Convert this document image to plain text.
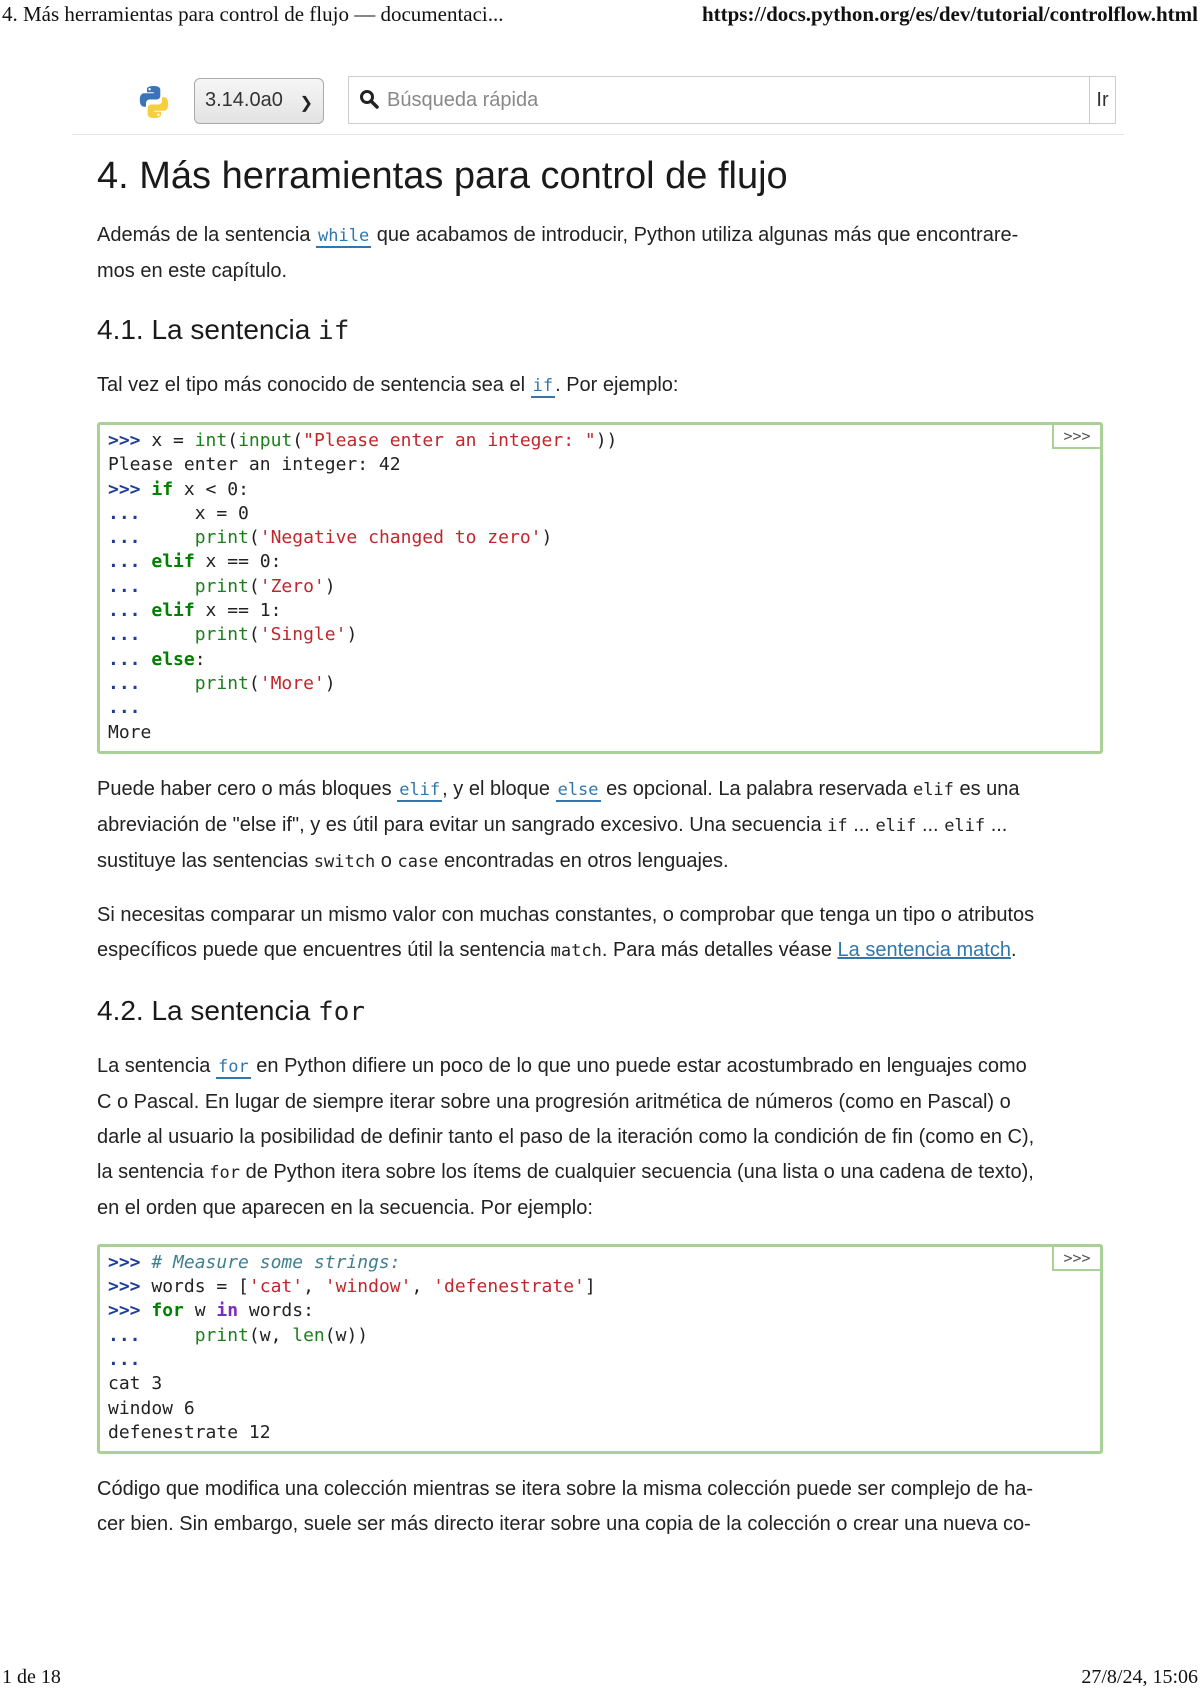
4. Más herramientas para control de flujo — documentaci...	https://docs.python.org/es/dev/tutorial/controlflow.html
3.14.0a0 ❯	Búsqueda rápida	Ir
4. Más herramientas para control de flujo

Además de la sentencia while que acabamos de introducir, Python utiliza algunas más que encontrare-
mos en este capítulo.

4.1. La sentencia if

Tal vez el tipo más conocido de sentencia sea el if . Por ejemplo:

>>>
>>> x = int(input("Please enter an integer: "))
Please enter an integer: 42
>>> if x < 0:
...	x = 0
...	print('Negative changed to zero')
... elif x == 0:
...	print('Zero')
... elif x == 1:
...	print('Single')
... else:
...	print('More')
...
More

Puede haber cero o más bloques elif , y el bloque else es opcional. La palabra reservada elif es una
abreviación de "else if", y es útil para evitar un sangrado excesivo. Una secuencia if ... elif ... elif ...
sustituye las sentencias switch o case encontradas en otros lenguajes.

Si necesitas comparar un mismo valor con muchas constantes, o comprobar que tenga un tipo o atributos
específicos puede que encuentres útil la sentencia match. Para más detalles véase La sentencia match.

4.2. La sentencia for

La sentencia for en Python difiere un poco de lo que uno puede estar acostumbrado en lenguajes como
C o Pascal. En lugar de siempre iterar sobre una progresión aritmética de números (como en Pascal) o
darle al usuario la posibilidad de definir tanto el paso de la iteración como la condición de fin (como en C),
la sentencia for de Python itera sobre los ítems de cualquier secuencia (una lista o una cadena de texto),
en el orden que aparecen en la secuencia. Por ejemplo:

>>>
>>> # Measure some strings:
>>> words = ['cat', 'window', 'defenestrate']
>>> for w in words:
...	print(w, len(w))
...
cat 3
window 6
defenestrate 12

Código que modifica una colección mientras se itera sobre la misma colección puede ser complejo de ha-
cer bien. Sin embargo, suele ser más directo iterar sobre una copia de la colección o crear una nueva co-

1 de 18	27/8/24, 15:06
